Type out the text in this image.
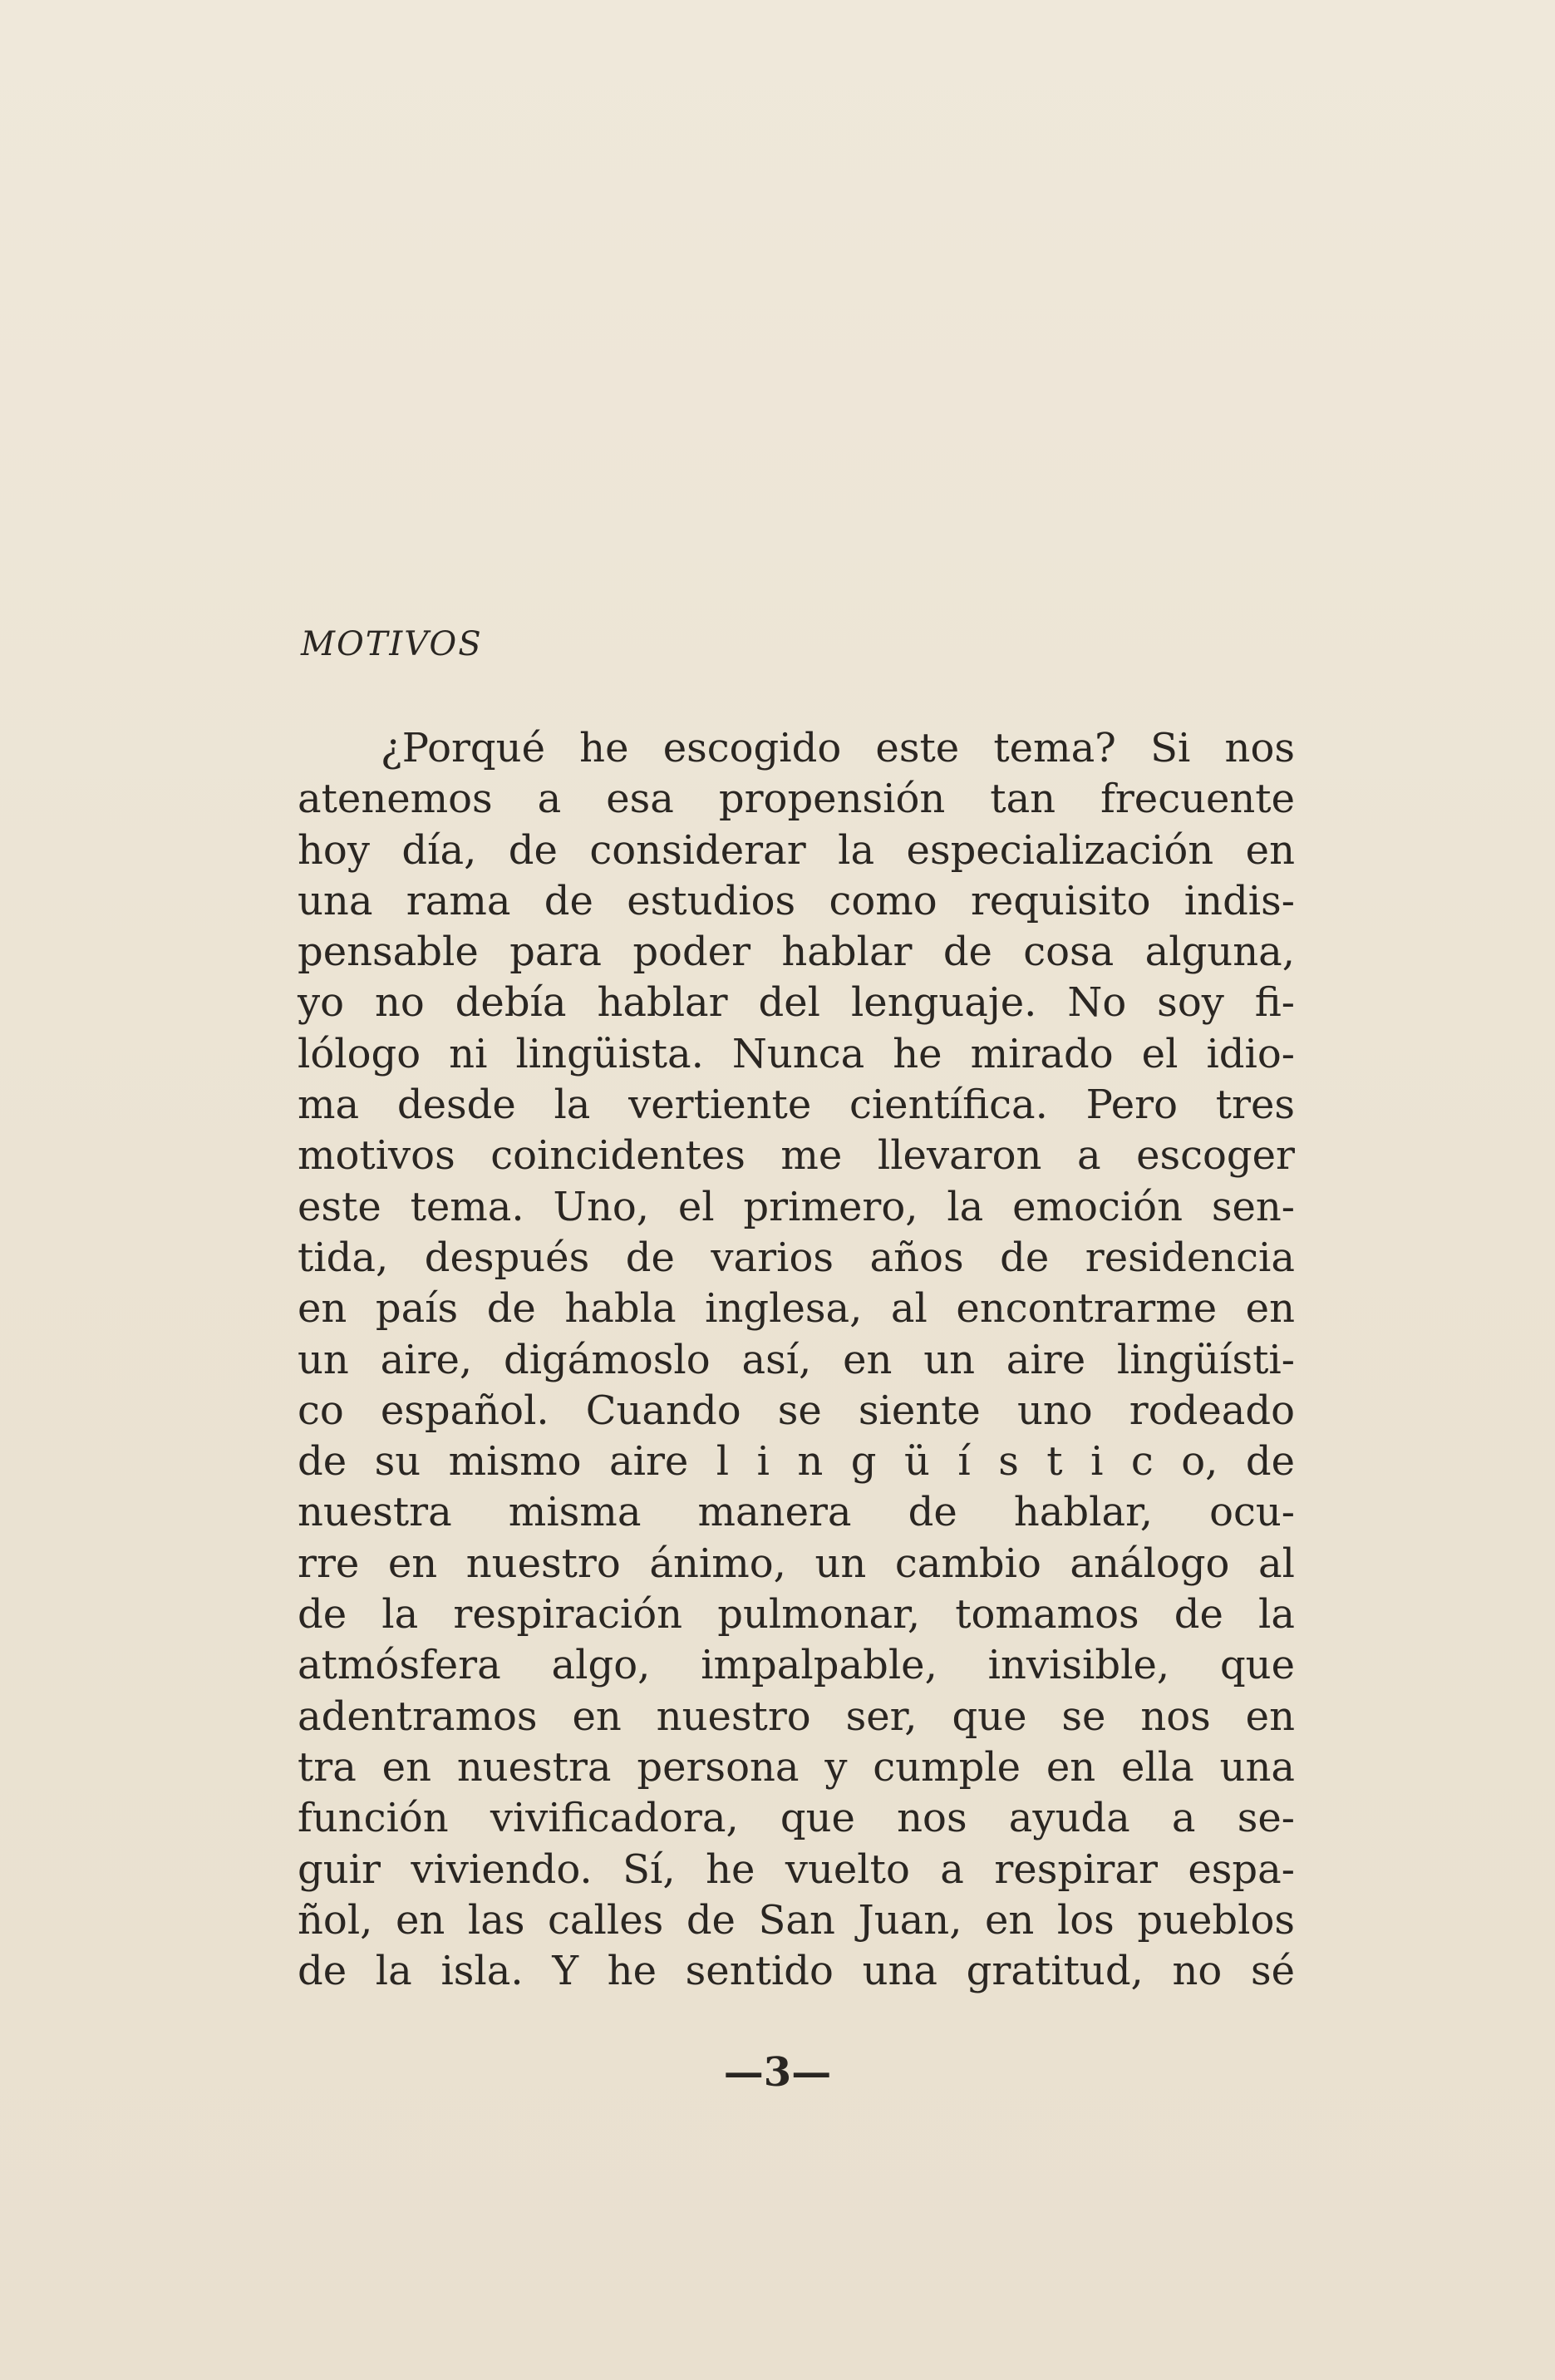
MOTIVOS
¿Porqué he escogido este tema? Si nos
atenemos a esa propensión tan frecuente
hoy día, de considerar la especialización en
una rama de estudios como requisito indis-
pensable para poder hablar de cosa alguna,
yo no debía hablar del lenguaje. No soy fi-
lólogo ni lingüista. Nunca he mirado el idio-
ma desde la vertiente científica. Pero tres
motivos coincidentes me llevaron a escoger
este tema. Uno, el primero, la emoción sen-
tida, después de varios años de residencia
en país de habla inglesa, al encontrarme en
un aire, digámoslo así, en un aire lingüísti-
co español. Cuando se siente uno rodeado
de su mismo aire l i n g ü í s t i c o, de
nuestra misma manera de hablar, ocu-
rre en nuestro ánimo, un cambio análogo al
de la respiración pulmonar, tomamos de la
atmósfera algo, impalpable, invisible, que
adentramos en nuestro ser, que se nos en
tra en nuestra persona y cumple en ella una
función vivificadora, que nos ayuda a se-
guir viviendo. Sí, he vuelto a respirar espa-
ñol, en las calles de San Juan, en los pueblos
de la isla. Y he sentido una gratitud, no sé
—3—
